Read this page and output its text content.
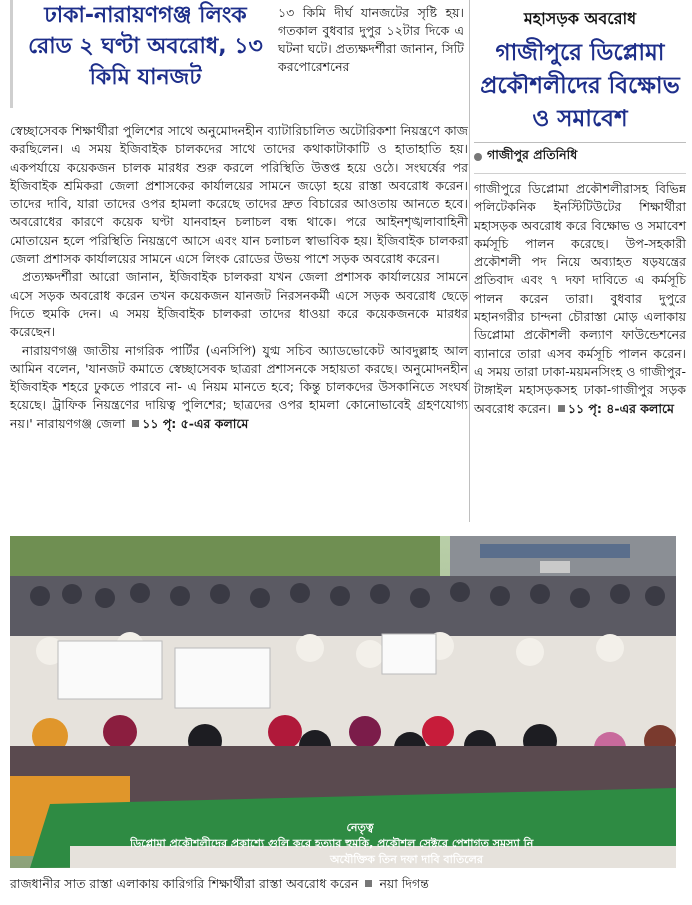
ঢাকা-নারায়ণগঞ্জ লিংক রোড ২ ঘণ্টা অবরোধ, ১৩ কিমি যানজট
১৩ কিমি দীর্ঘ যানজটের সৃষ্টি হয়। গতকাল বুধবার দুপুর ১২টার দিকে এ ঘটনা ঘটে। প্রত্যক্ষদর্শীরা জানান, সিটি করপোরেশনের

স্বেচ্ছাসেবক শিক্ষার্থীরা পুলিশের সাথে অনুমোদনহীন ব্যাটারিচালিত অটোরিকশা নিয়ন্ত্রণে কাজ করছিলেন। এ সময় ইজিবাইক চালকদের সাথে তাদের কথাকাটাকাটি ও হাতাহাতি হয়। একপর্যায়ে কয়েকজন চালক মারধর শুরু করলে পরিস্থিতি উত্তপ্ত হয়ে ওঠে। সংঘর্ষের পর ইজিবাইক শ্রমিকরা জেলা প্রশাসকের কার্যালয়ের সামনে জড়ো হয়ে রাস্তা অবরোধ করেন। তাদের দাবি, যারা তাদের ওপর হামলা করেছে তাদের দ্রুত বিচারের আওতায় আনতে হবে। অবরোধের কারণে কয়েক ঘণ্টা যানবাহন চলাচল বন্ধ থাকে। পরে আইনশৃঙ্খলাবাহিনী মোতায়েন হলে পরিস্থিতি নিয়ন্ত্রণে আসে এবং যান চলাচল স্বাভাবিক হয়। ইজিবাইক চালকরা জেলা প্রশাসক কার্যালয়ের সামনে এসে লিংক রোডের উভয় পাশে সড়ক অবরোধ করেন।

প্রত্যক্ষদর্শীরা আরো জানান, ইজিবাইক চালকরা যখন জেলা প্রশাসক কার্যালয়ের সামনে এসে সড়ক অবরোধ করেন তখন কয়েকজন যানজট নিরসনকর্মী এসে সড়ক অবরোধ ছেড়ে দিতে হুমকি দেন। এ সময় ইজিবাইক চালকরা তাদের ধাওয়া করে কয়েকজনকে মারধর করেছেন।

নারায়ণগঞ্জ জাতীয় নাগরিক পার্টির (এনসিপি) যুগ্ম সচিব অ্যাডভোকেট আবদুল্লাহ আল আমিন বলেন, 'যানজট কমাতে স্বেচ্ছাসেবক ছাত্ররা প্রশাসনকে সহায়তা করছে। অনুমোদনহীন ইজিবাইক শহরে ঢুকতে পারবে না- এ নিয়ম মানতে হবে; কিন্তু চালকদের উসকানিতে সংঘর্ষ হয়েছে। ট্রাফিক নিয়ন্ত্রণের দায়িত্ব পুলিশের; ছাত্রদের ওপর হামলা কোনোভাবেই গ্রহণযোগ্য নয়।' নারায়ণগঞ্জ জেলা ১১ পৃ: ৫-এর কলামে

মহাসড়ক অবরোধ
গাজীপুরে ডিপ্লোমা প্রকৌশলীদের বিক্ষোভ ও সমাবেশ
গাজীপুর প্রতিনিধি
গাজীপুরে ডিপ্লোমা প্রকৌশলীরাসহ বিভিন্ন পলিটেকনিক ইনস্টিটিউটের শিক্ষার্থীরা মহাসড়ক অবরোধ করে বিক্ষোভ ও সমাবেশ কর্মসূচি পালন করেছে। উপ-সহকারী প্রকৌশলী পদ নিয়ে অব্যাহত ষড়যন্ত্রের প্রতিবাদ এবং ৭ দফা দাবিতে এ কর্মসূচি পালন করেন তারা। বুধবার দুপুরে মহানগরীর চান্দনা চৌরাস্তা মোড় এলাকায় ডিপ্লোমা প্রকৌশলী কল্যাণ ফাউন্ডেশনের ব্যানারে তারা এসব কর্মসূচি পালন করেন। এ সময় তারা ঢাকা-ময়মনসিংহ ও গাজীপুর-টাঙ্গাইল মহাসড়কসহ ঢাকা-গাজীপুর সড়ক অবরোধ করেন। ১১ পৃ: ৪-এর কলামে
নেতৃত্ব
ডিপ্লোমা প্রকৌশলীদের প্রকাশ্যে গুলি করে হত্যার হুমকি, প্রকৌশল সেক্টরে পেশাগত সমস্যা নি
অযৌক্তিক তিন দফা দাবি বাতিলের
রাজধানীর সাত রাস্তা এলাকায় কারিগরি শিক্ষার্থীরা রাস্তা অবরোধ করেন নয়া দিগন্ত
